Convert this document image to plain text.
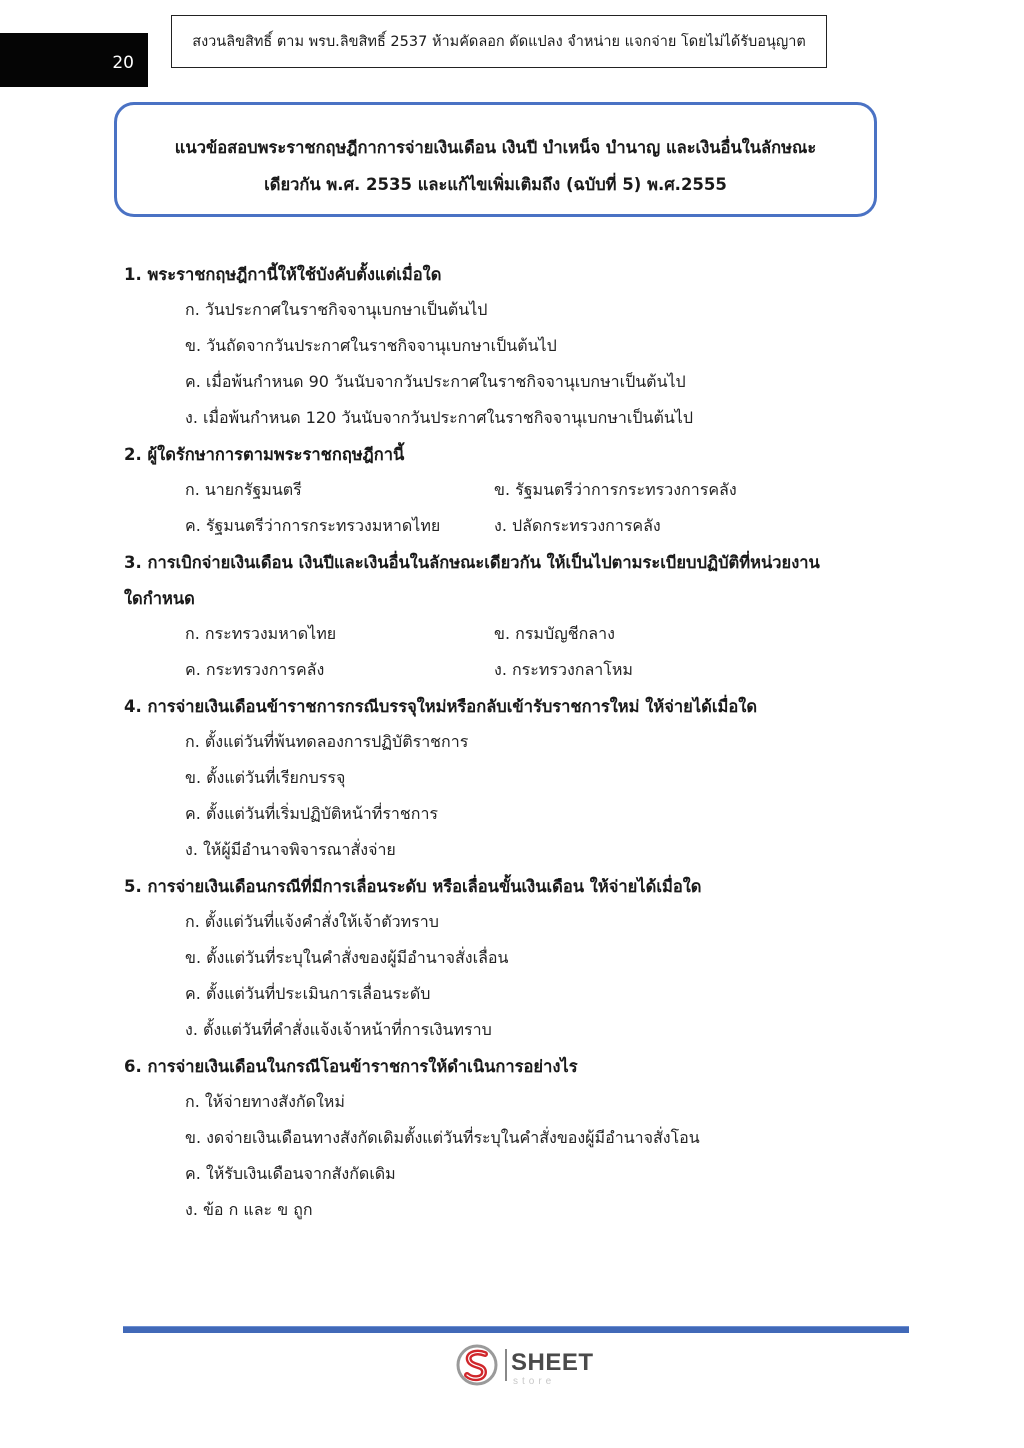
20
สงวนลิขสิทธิ์ ตาม พรบ.ลิขสิทธิ์ 2537 ห้ามคัดลอก ดัดแปลง จำหน่าย แจกจ่าย โดยไม่ได้รับอนุญาต
แนวข้อสอบพระราชกฤษฎีกาการจ่ายเงินเดือน เงินปี บำเหน็จ บำนาญ และเงินอื่นในลักษณะ
เดียวกัน พ.ศ. 2535 และแก้ไขเพิ่มเติมถึง (ฉบับที่ 5) พ.ศ.2555
1. พระราชกฤษฎีกานี้ให้ใช้บังคับตั้งแต่เมื่อใด
ก. วันประกาศในราชกิจจานุเบกษาเป็นต้นไป
ข. วันถัดจากวันประกาศในราชกิจจานุเบกษาเป็นต้นไป
ค. เมื่อพ้นกำหนด 90 วันนับจากวันประกาศในราชกิจจานุเบกษาเป็นต้นไป
ง. เมื่อพ้นกำหนด 120 วันนับจากวันประกาศในราชกิจจานุเบกษาเป็นต้นไป
2. ผู้ใดรักษาการตามพระราชกฤษฎีกานี้
ก. นายกรัฐมนตรี	ข. รัฐมนตรีว่าการกระทรวงการคลัง
ค. รัฐมนตรีว่าการกระทรวงมหาดไทย	ง. ปลัดกระทรวงการคลัง
3. การเบิกจ่ายเงินเดือน เงินปีและเงินอื่นในลักษณะเดียวกัน ให้เป็นไปตามระเบียบปฏิบัติที่หน่วยงาน
ใดกำหนด
ก. กระทรวงมหาดไทย	ข. กรมบัญชีกลาง
ค. กระทรวงการคลัง	ง. กระทรวงกลาโหม
4. การจ่ายเงินเดือนข้าราชการกรณีบรรจุใหม่หรือกลับเข้ารับราชการใหม่ ให้จ่ายได้เมื่อใด
ก. ตั้งแต่วันที่พ้นทดลองการปฏิบัติราชการ
ข. ตั้งแต่วันที่เรียกบรรจุ
ค. ตั้งแต่วันที่เริ่มปฏิบัติหน้าที่ราชการ
ง. ให้ผู้มีอำนาจพิจารณาสั่งจ่าย
5. การจ่ายเงินเดือนกรณีที่มีการเลื่อนระดับ หรือเลื่อนขั้นเงินเดือน ให้จ่ายได้เมื่อใด
ก. ตั้งแต่วันที่แจ้งคำสั่งให้เจ้าตัวทราบ
ข. ตั้งแต่วันที่ระบุในคำสั่งของผู้มีอำนาจสั่งเลื่อน
ค. ตั้งแต่วันที่ประเมินการเลื่อนระดับ
ง. ตั้งแต่วันที่คำสั่งแจ้งเจ้าหน้าที่การเงินทราบ
6. การจ่ายเงินเดือนในกรณีโอนข้าราชการให้ดำเนินการอย่างไร
ก. ให้จ่ายทางสังกัดใหม่
ข. งดจ่ายเงินเดือนทางสังกัดเดิมตั้งแต่วันที่ระบุในคำสั่งของผู้มีอำนาจสั่งโอน
ค. ให้รับเงินเดือนจากสังกัดเดิม
ง. ข้อ ก และ ข ถูก
SHEET
store
